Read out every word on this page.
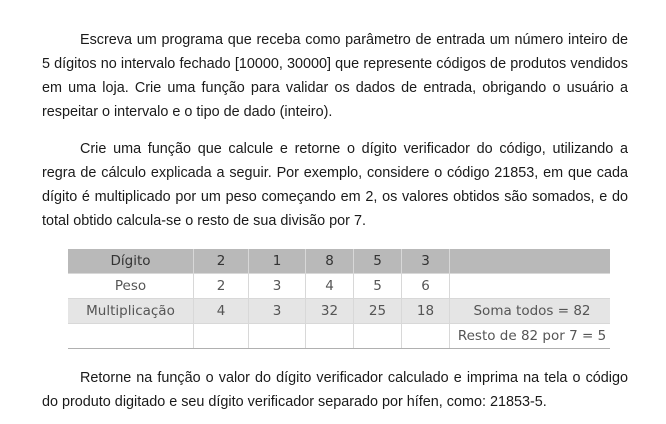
Escreva um programa que receba como parâmetro de entrada um número inteiro de 5 dígitos no intervalo fechado [10000, 30000] que represente códigos de produtos vendidos em uma loja. Crie uma função para validar os dados de entrada, obrigando o usuário a respeitar o intervalo e o tipo de dado (inteiro).

Crie uma função que calcule e retorne o dígito verificador do código, utilizando a regra de cálculo explicada a seguir. Por exemplo, considere o código 21853, em que cada dígito é multiplicado por um peso começando em 2, os valores obtidos são somados, e do total obtido calcula-se o resto de sua divisão por 7.

Dígito	2	1	8	5	3	
Peso	2	3	4	5	6	
Multiplicação	4	3	32	25	18	Soma todos = 82
						Resto de 82 por 7 = 5

Retorne na função o valor do dígito verificador calculado e imprima na tela o código do produto digitado e seu dígito verificador separado por hífen, como: 21853-5.
